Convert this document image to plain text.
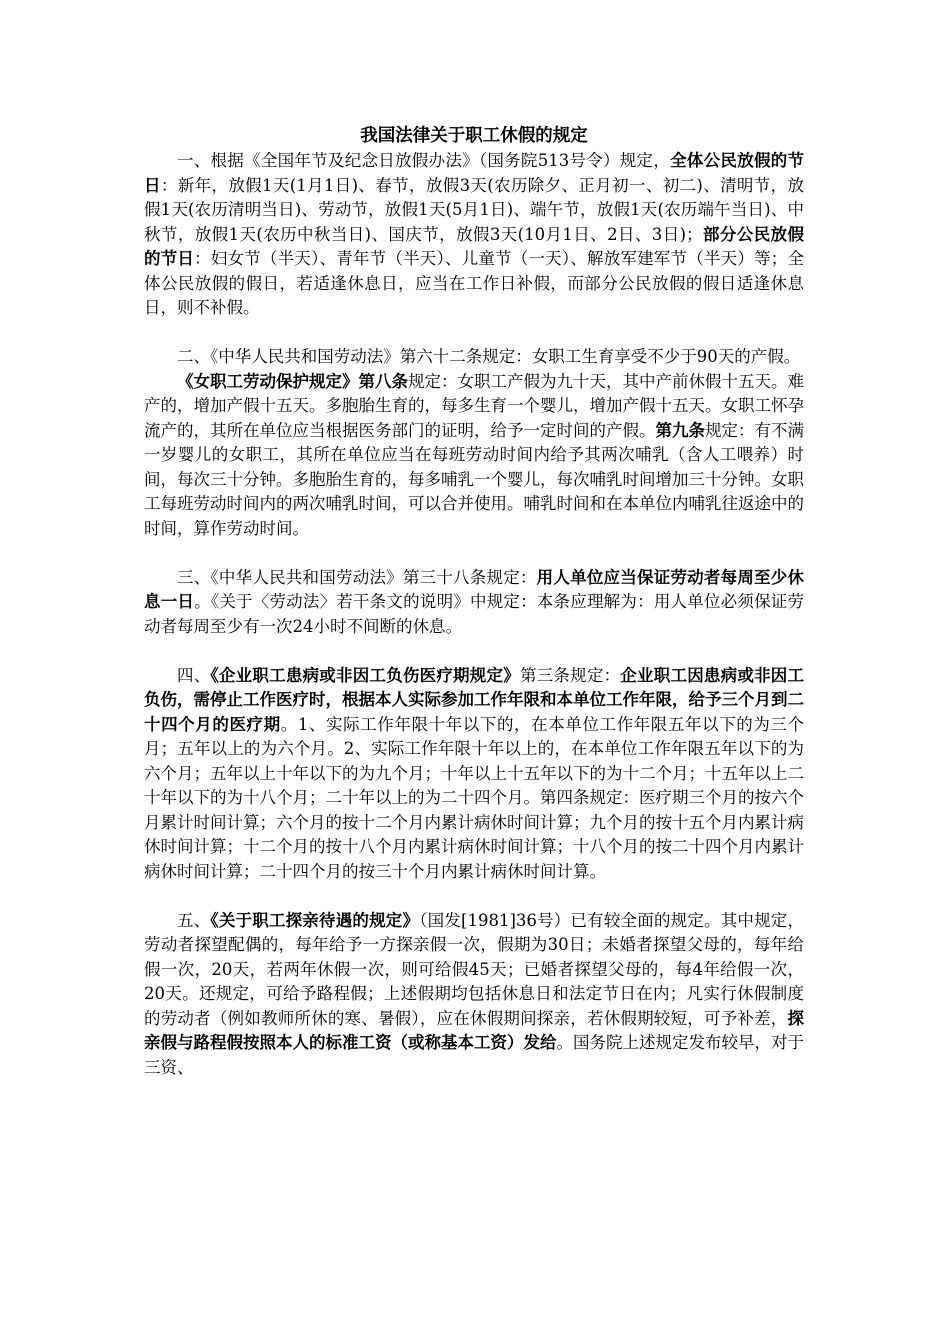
我国法律关于职工休假的规定

一、根据《全国年节及纪念日放假办法》（国务院513号令）规定，全体公民放假的节日：新年，放假1天(1月1日)、春节，放假3天(农历除夕、正月初一、初二)、清明节，放假1天(农历清明当日)、劳动节，放假1天(5月1日)、端午节，放假1天(农历端午当日)、中秋节，放假1天(农历中秋当日)、国庆节，放假3天(10月1日、2日、3日)；部分公民放假的节日：妇女节（半天）、青年节（半天）、儿童节（一天）、解放军建军节（半天）等；全体公民放假的假日，若适逢休息日，应当在工作日补假，而部分公民放假的假日适逢休息日，则不补假。

二、《中华人民共和国劳动法》第六十二条规定：女职工生育享受不少于90天的产假。

《女职工劳动保护规定》第八条规定：女职工产假为九十天，其中产前休假十五天。难产的，增加产假十五天。多胞胎生育的，每多生育一个婴儿，增加产假十五天。女职工怀孕流产的，其所在单位应当根据医务部门的证明，给予一定时间的产假。第九条规定：有不满一岁婴儿的女职工，其所在单位应当在每班劳动时间内给予其两次哺乳（含人工喂养）时间，每次三十分钟。多胞胎生育的，每多哺乳一个婴儿，每次哺乳时间增加三十分钟。女职工每班劳动时间内的两次哺乳时间，可以合并使用。哺乳时间和在本单位内哺乳往返途中的时间，算作劳动时间。

三、《中华人民共和国劳动法》第三十八条规定：用人单位应当保证劳动者每周至少休息一日。《关于〈劳动法〉若干条文的说明》中规定：本条应理解为：用人单位必须保证劳动者每周至少有一次24小时不间断的休息。

四、《企业职工患病或非因工负伤医疗期规定》第三条规定：企业职工因患病或非因工负伤，需停止工作医疗时，根据本人实际参加工作年限和本单位工作年限，给予三个月到二十四个月的医疗期。1、实际工作年限十年以下的，在本单位工作年限五年以下的为三个月；五年以上的为六个月。2、实际工作年限十年以上的，在本单位工作年限五年以下的为六个月；五年以上十年以下的为九个月；十年以上十五年以下的为十二个月；十五年以上二十年以下的为十八个月；二十年以上的为二十四个月。第四条规定：医疗期三个月的按六个月累计时间计算；六个月的按十二个月内累计病休时间计算；九个月的按十五个月内累计病休时间计算；十二个月的按十八个月内累计病休时间计算；十八个月的按二十四个月内累计病休时间计算；二十四个月的按三十个月内累计病休时间计算。

五、《关于职工探亲待遇的规定》（国发[1981]36号）已有较全面的规定。其中规定，劳动者探望配偶的，每年给予一方探亲假一次，假期为30日；未婚者探望父母的，每年给假一次，20天，若两年休假一次，则可给假45天；已婚者探望父母的，每4年给假一次，20天。还规定，可给予路程假；上述假期均包括休息日和法定节日在内；凡实行休假制度的劳动者（例如教师所休的寒、暑假），应在休假期间探亲，若休假期较短，可予补差，探亲假与路程假按照本人的标准工资（或称基本工资）发给。国务院上述规定发布较早，对于三资、
